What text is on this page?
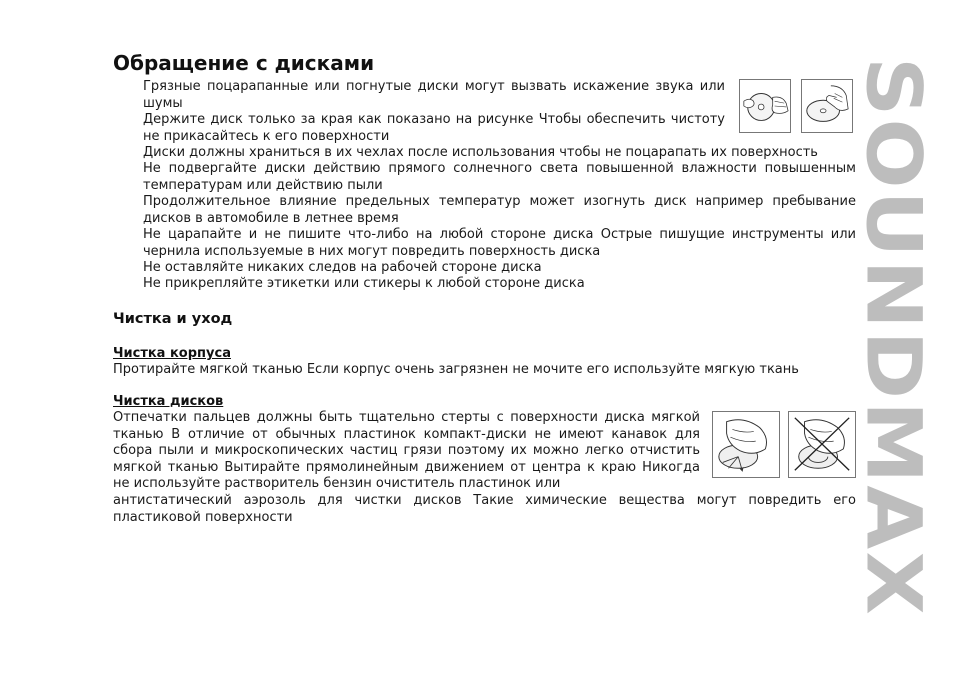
Обращение с дисками

Грязные поцарапанные или погнутые диски могут вызвать искажение звука или шумы

Держите диск только за края как показано на рисунке Чтобы обеспечить чистоту не прикасайтесь к его поверхности

Диски должны храниться в их чехлах после использования чтобы не поцарапать их поверхность

Не подвергайте диски действию прямого солнечного света повышенной влажности повышенным температурам или действию пыли

Продолжительное влияние предельных температур может изогнуть диск например пребывание дисков в автомобиле в летнее время

Не царапайте и не пишите что-либо на любой стороне диска Острые пишущие инструменты или чернила используемые в них могут повредить поверхность диска

Не оставляйте никаких следов на рабочей стороне диска

Не прикрепляйте этикетки или стикеры к любой стороне диска

Чистка и уход
Чистка корпуса

Протирайте мягкой тканью Если корпус очень загрязнен не мочите его используйте мягкую ткань

Чистка дисков

Отпечатки пальцев должны быть тщательно стерты с поверхности диска мягкой тканью В отличие от обычных пластинок компакт-диски не имеют канавок для сбора пыли и микроскопических частиц грязи поэтому их можно легко отчистить мягкой тканью Вытирайте прямолинейным движением от центра к краю Никогда не используйте растворитель бензин очиститель пластинок или

антистатический аэрозоль для чистки дисков Такие химические вещества могут повредить его пластиковой поверхности	SOUNDMAX
